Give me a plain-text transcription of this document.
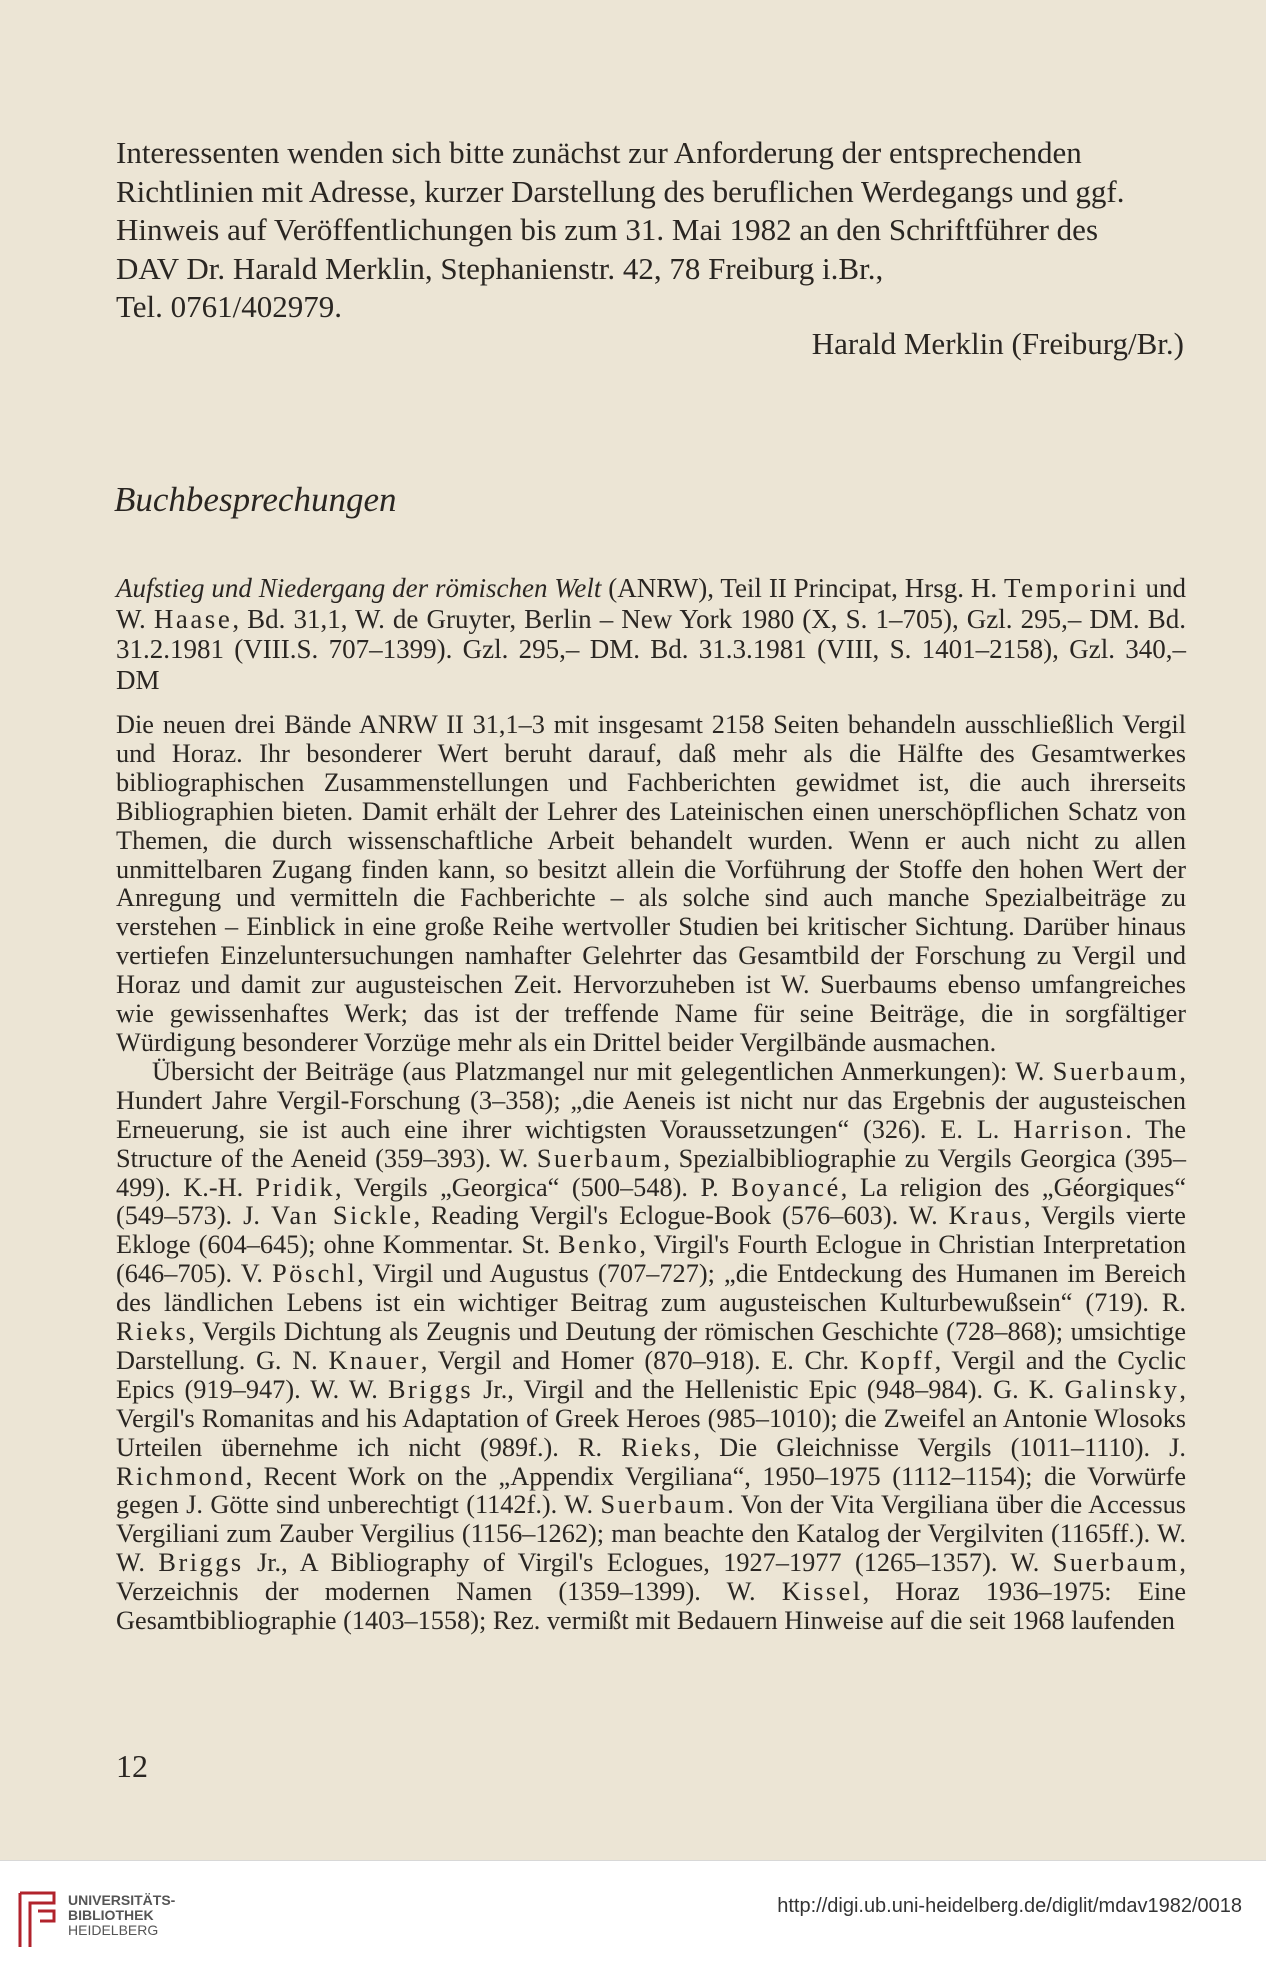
Interessenten wenden sich bitte zunächst zur Anforderung der entsprechenden
Richtlinien mit Adresse, kurzer Darstellung des beruflichen Werdegangs und ggf.
Hinweis auf Veröffentlichungen bis zum 31. Mai 1982 an den Schriftführer des
DAV Dr. Harald Merklin, Stephanienstr. 42, 78 Freiburg i.Br.,
Tel. 0761/402979.
Harald Merklin (Freiburg/Br.)
Buchbesprechungen
Aufstieg und Niedergang der römischen Welt (ANRW), Teil II Principat, Hrsg. H. Temporini und W. Haase, Bd. 31,1, W. de Gruyter, Berlin – New York 1980 (X, S. 1–705), Gzl. 295,– DM. Bd. 31.2.1981 (VIII.S. 707–1399). Gzl. 295,– DM. Bd. 31.3.1981 (VIII, S. 1401–2158), Gzl. 340,– DM

Die neuen drei Bände ANRW II 31,1–3 mit insgesamt 2158 Seiten behandeln ausschließlich Vergil und Horaz. Ihr besonderer Wert beruht darauf, daß mehr als die Hälfte des Gesamtwerkes bibliographischen Zusammenstellungen und Fachberichten gewidmet ist, die auch ihrerseits Bibliographien bieten. Damit erhält der Lehrer des Lateinischen einen unerschöpflichen Schatz von Themen, die durch wissenschaftliche Arbeit behandelt wurden. Wenn er auch nicht zu allen unmittelbaren Zugang finden kann, so besitzt allein die Vorführung der Stoffe den hohen Wert der Anregung und vermitteln die Fachberichte – als solche sind auch manche Spezialbeiträge zu verstehen – Einblick in eine große Reihe wertvoller Studien bei kritischer Sichtung. Darüber hinaus vertiefen Einzeluntersuchungen namhafter Gelehrter das Gesamtbild der Forschung zu Vergil und Horaz und damit zur augusteischen Zeit. Hervorzuheben ist W. Suerbaums ebenso umfangreiches wie gewissenhaftes Werk; das ist der treffende Name für seine Beiträge, die in sorgfältiger Würdigung besonderer Vorzüge mehr als ein Drittel beider Vergilbände ausmachen.

Übersicht der Beiträge (aus Platzmangel nur mit gelegentlichen Anmerkungen): W. Suerbaum, Hundert Jahre Vergil-Forschung (3–358); „die Aeneis ist nicht nur das Ergebnis der augusteischen Erneuerung, sie ist auch eine ihrer wichtigsten Voraussetzungen“ (326). E. L. Harrison. The Structure of the Aeneid (359–393). W. Suerbaum, Spezialbibliographie zu Vergils Georgica (395–499). K.-H. Pridik, Vergils „Georgica“ (500–548). P. Boyancé, La religion des „Géorgiques“ (549–573). J. Van Sickle, Reading Vergil's Eclogue-Book (576–603). W. Kraus, Vergils vierte Ekloge (604–645); ohne Kommentar. St. Benko, Virgil's Fourth Eclogue in Christian Interpretation (646–705). V. Pöschl, Virgil und Augustus (707–727); „die Entdeckung des Humanen im Bereich des ländlichen Lebens ist ein wichtiger Beitrag zum augusteischen Kulturbewußsein“ (719). R. Rieks, Vergils Dichtung als Zeugnis und Deutung der römischen Geschichte (728–868); umsichtige Darstellung. G. N. Knauer, Vergil and Homer (870–918). E. Chr. Kopff, Vergil and the Cyclic Epics (919–947). W. W. Briggs Jr., Virgil and the Hellenistic Epic (948–984). G. K. Galinsky, Vergil's Romanitas and his Adaptation of Greek Heroes (985–1010); die Zweifel an Antonie Wlosoks Urteilen übernehme ich nicht (989f.). R. Rieks, Die Gleichnisse Vergils (1011–1110). J. Richmond, Recent Work on the „Appendix Vergiliana“, 1950–1975 (1112–1154); die Vorwürfe gegen J. Götte sind unberechtigt (1142f.). W. Suerbaum. Von der Vita Vergiliana über die Accessus Vergiliani zum Zauber Vergilius (1156–1262); man beachte den Katalog der Vergilviten (1165ff.). W. W. Briggs Jr., A Bibliography of Virgil's Eclogues, 1927–1977 (1265–1357). W. Suerbaum, Verzeichnis der modernen Namen (1359–1399). W. Kissel, Horaz 1936–1975: Eine Gesamtbibliographie (1403–1558); Rez. vermißt mit Bedauern Hinweise auf die seit 1968 laufenden

12
UNIVERSITÄTS-
BIBLIOTHEK
HEIDELBERG
http://digi.ub.uni-heidelberg.de/diglit/mdav1982/0018
